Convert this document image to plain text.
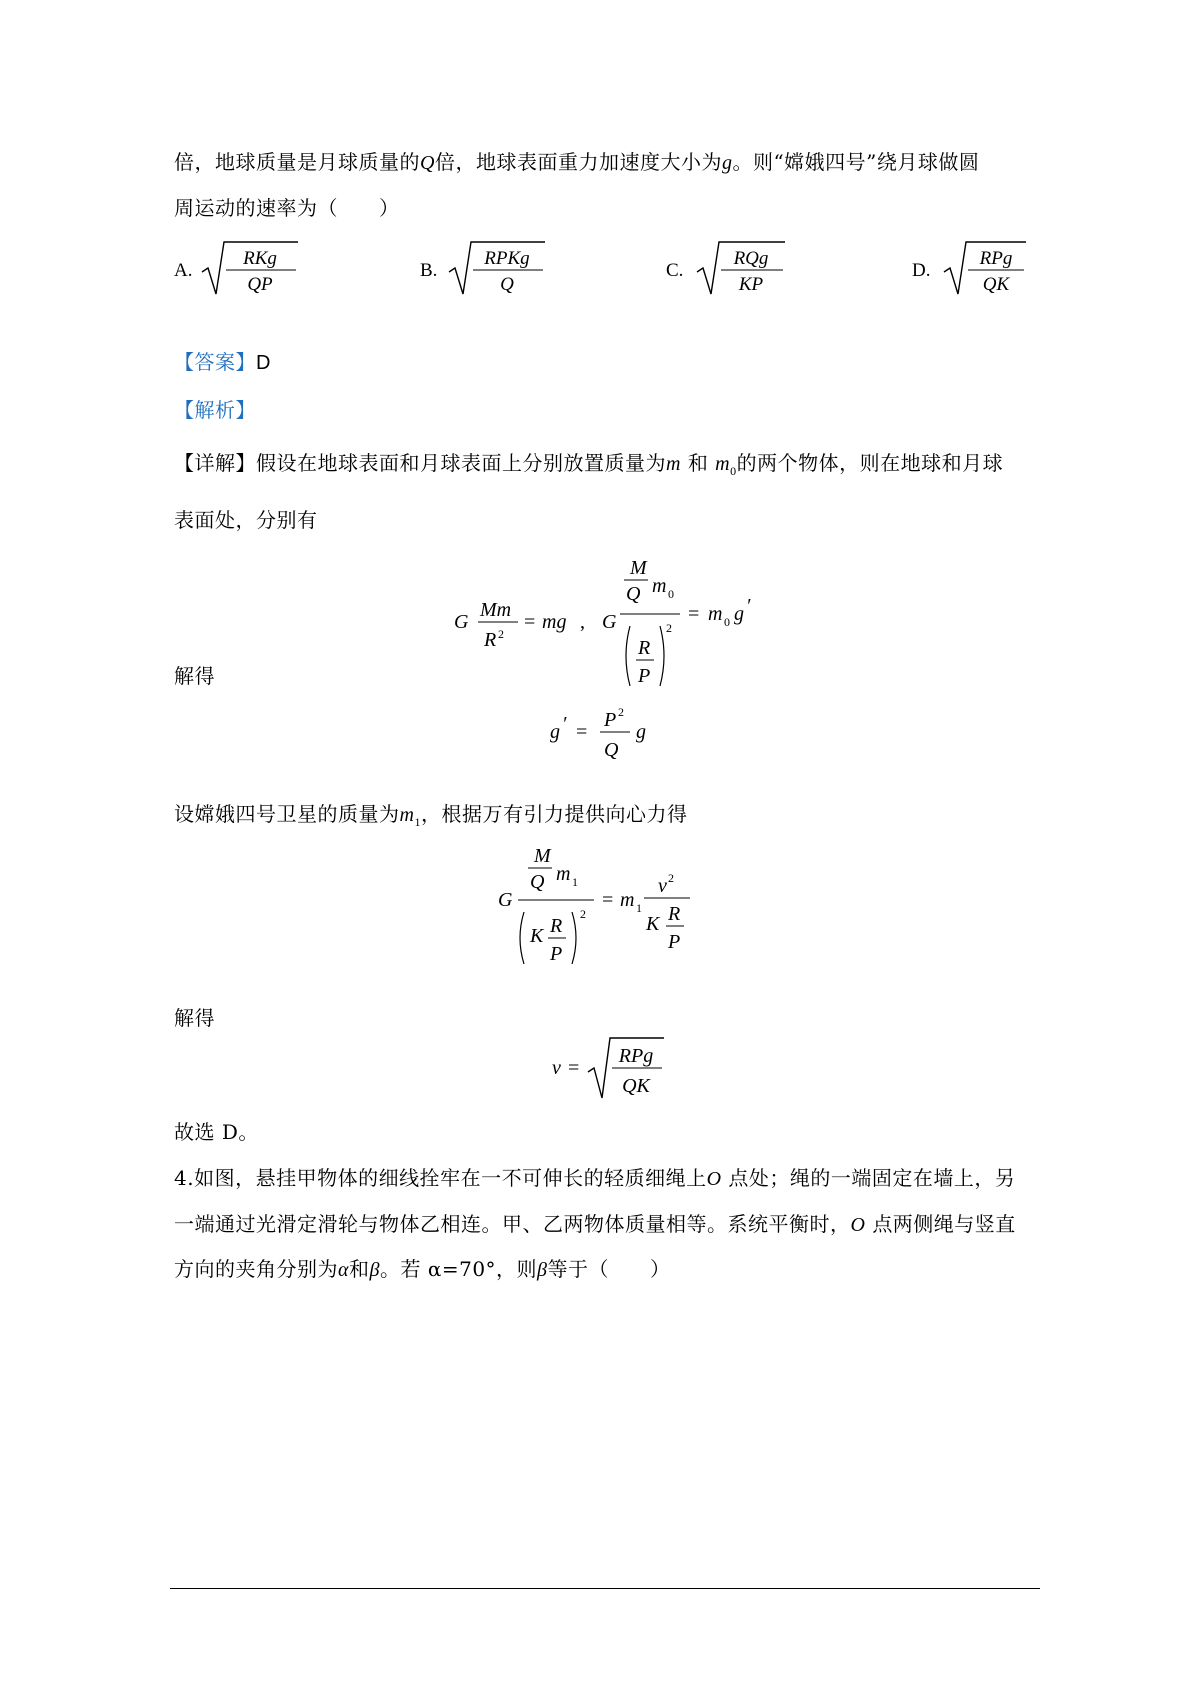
倍，地球质量是月球质量的Q倍，地球表面重力加速度大小为g。则“嫦娥四号”绕月球做圆
周运动的速率为（　　）
A.
RKg
QP
B.
RPKg
Q
C.
RQg
KP
D.
RPg
QK
【答案】D
【解析】
【详解】假设在地球表面和月球表面上分别放置质量为m 和 $m_0$的两个物体，则在地球和月球
表面处，分别有
G
Mm
R 2
= mg , G
M
Q m 0
R
P
2
= m 0 g ′
解得
g ′ =
P 2
Q
g
设嫦娥四号卫星的质量为$m_1$，根据万有引力提供向心力得
G
M
Q m 1
K R
P
2
= m 1
v 2
K R
P
解得
v =
RPg
QK
故选 D。
4.如图，悬挂甲物体的细线拴牢在一不可伸长的轻质细绳上O 点处；绳的一端固定在墙上，另
一端通过光滑定滑轮与物体乙相连。甲、乙两物体质量相等。系统平衡时，O 点两侧绳与竖直
方向的夹角分别为α和β。若 α=70°，则β等于（　　）
